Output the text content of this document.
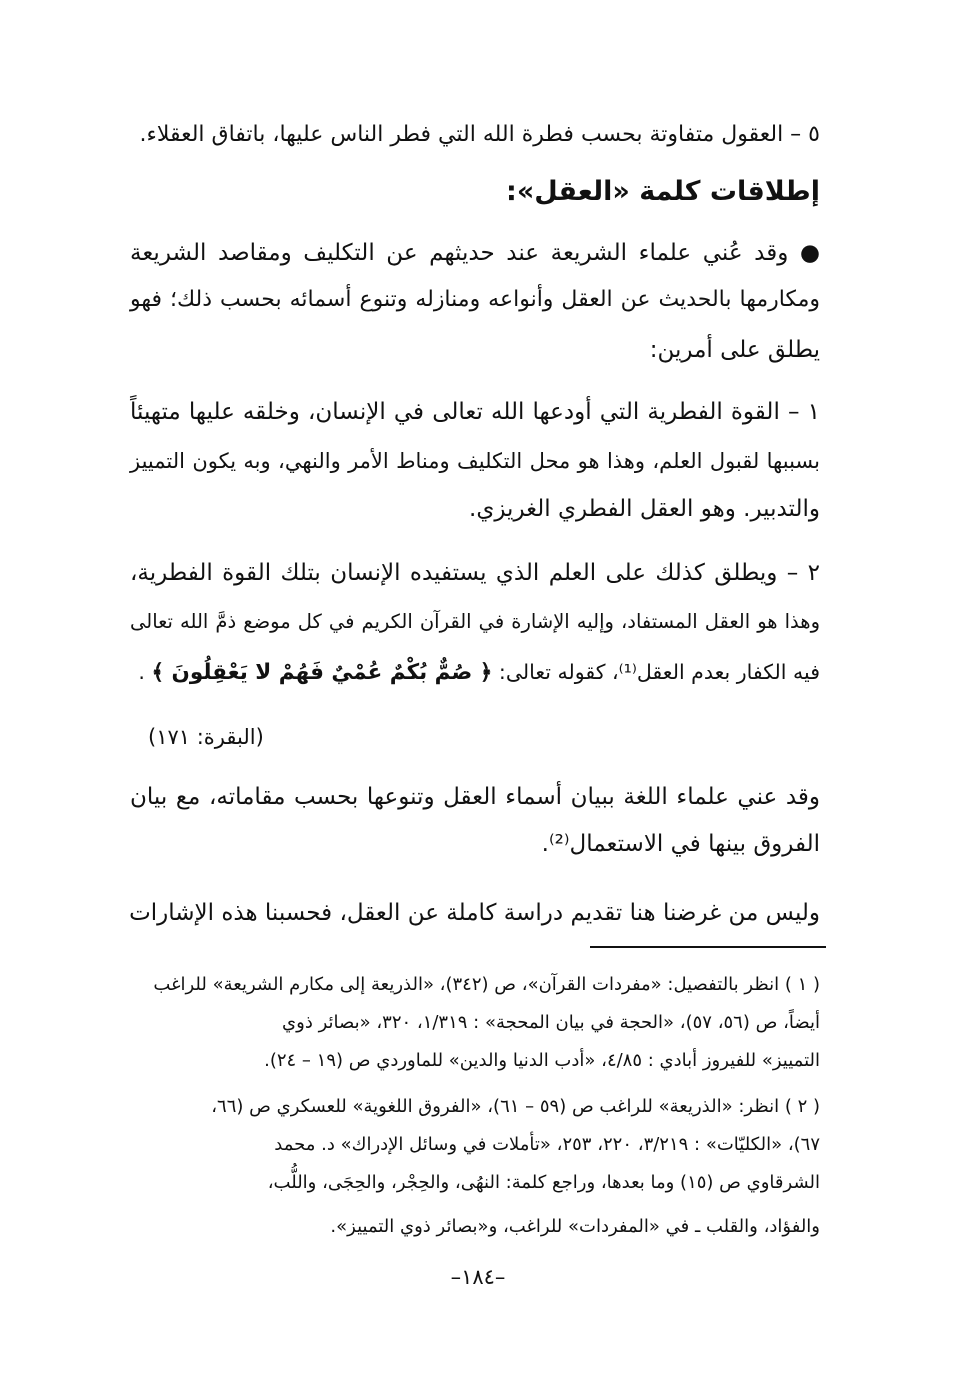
٥ – العقول متفاوتة بحسب فطرة الله التي فطر الناس عليها، باتفاق العقلاء.
إطلاقات كلمة «العقل»:
● وقد عُني علماء الشريعة عند حديثهم عن التكليف ومقاصد الشريعة
ومكارمها بالحديث عن العقل وأنواعه ومنازله وتنوع أسمائه بحسب ذلك؛ فهو
يطلق على أمرين:
١ – القوة الفطرية التي أودعها الله تعالى في الإنسان، وخلقه عليها متهيئاً
بسببها لقبول العلم، وهذا هو محل التكليف ومناط الأمر والنهي، وبه يكون التمييز
والتدبير. وهو العقل الفطري الغريزي.
٢ – ويطلق كذلك على العلم الذي يستفيده الإنسان بتلك القوة الفطرية،
وهذا هو العقل المستفاد، وإليه الإشارة في القرآن الكريم في كل موضع ذمَّ الله تعالى
فيه الكفار بعدم العقل⁽¹⁾، كقوله تعالى: ﴿ صُمٌّ بُكْمٌ عُمْيٌ فَهُمْ لا يَعْقِلُونَ ﴾ .
(البقرة: ١٧١)
وقد عني علماء اللغة ببيان أسماء العقل وتنوعها بحسب مقاماته، مع بيان
الفروق بينها في الاستعمال⁽²⁾.
وليس من غرضنا هنا تقديم دراسة كاملة عن العقل، فحسبنا هذه الإشارات
( ١ ) انظر بالتفصيل: «مفردات القرآن»، ص (٣٤٢)، «الذريعة إلى مكارم الشريعة» للراغب
أيضاً، ص (٥٦، ٥٧)، «الحجة في بيان المحجة» : ١/٣١٩، ٣٢٠، «بصائر ذوي
التمييز» للفيروز أبادي : ٤/٨٥، «أدب الدنيا والدين» للماوردي ص (١٩ – ٢٤).
( ٢ ) انظر: «الذريعة» للراغب ص (٥٩ – ٦١)، «الفروق اللغوية» للعسكري ص (٦٦،
٦٧)، «الكليّات» : ٣/٢١٩، ٢٢٠، ٢٥٣، «تأملات في وسائل الإدراك» د. محمد
الشرقاوي ص (١٥) وما بعدها، وراجع كلمة: النهُى، والحِجْر، والحِجَى، واللُّب،
والفؤاد، والقلب ـ في «المفردات» للراغب، و«بصائر ذوي التمييز».
–١٨٤–
